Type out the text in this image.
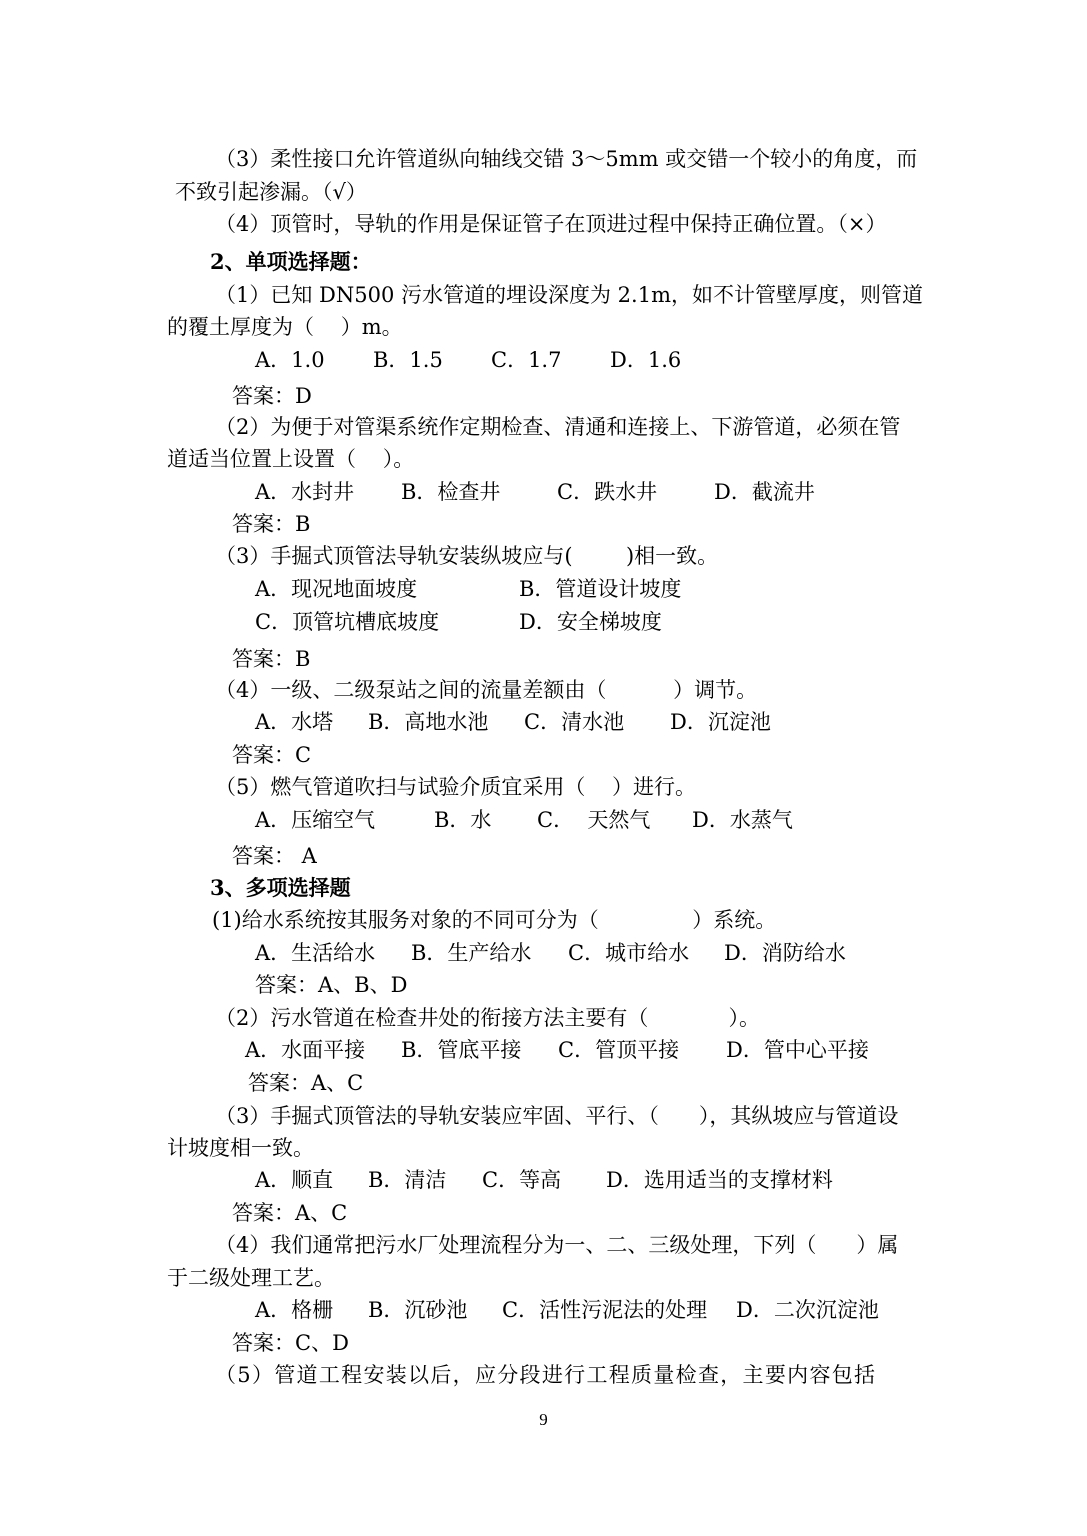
（3）柔性接口允许管道纵向轴线交错 3～5mm 或交错一个较小的角度，而
不致引起渗漏。（√）
（4）顶管时，导轨的作用是保证管子在顶进过程中保持正确位置。（×）
2、单项选择题：
（1）已知 DN500 污水管道的埋设深度为 2.1m，如不计管壁厚度，则管道
的覆土厚度为（    ）m。
A．1.0 B．1.5 C．1.7 D．1.6
答案：D
（2）为便于对管渠系统作定期检查、清通和连接上、下游管道，必须在管
道适当位置上设置（    ）。
A．水封井 B．检查井	C．跌水井	D．截流井
答案：B
（3）手掘式顶管法导轨安装纵坡应与(        )相一致。
A．现况地面坡度	B．管道设计坡度
C．顶管坑槽底坡度	D．安全梯坡度
答案：B
（4）一级、二级泵站之间的流量差额由（          ）调节。
A．水塔 B．高地水池 C．清水池 D．沉淀池
答案：C
（5）燃气管道吹扫与试验介质宜采用（    ）进行。
A．压缩空气	B．水 C．  天然气 D．水蒸气
答案： A
3、多项选择题
(1)给水系统按其服务对象的不同可分为（              ）系统。
A．生活给水 B．生产给水 C．城市给水 D．消防给水
答案：A、B、D
（2）污水管道在检查井处的衔接方法主要有（            ）。
A．水面平接 B．管底平接 C．管顶平接 D．管中心平接
答案：A、C
（3）手掘式顶管法的导轨安装应牢固、平行、（      ），其纵坡应与管道设
计坡度相一致。
A．顺直 B．清洁 C．等高 D．选用适当的支撑材料
答案：A、C
（4）我们通常把污水厂处理流程分为一、二、三级处理，下列（      ）属
于二级处理工艺。
A．格栅 B．沉砂池 C．活性污泥法的处理 D．二次沉淀池
答案：C、D
（5）管道工程安装以后，应分段进行工程质量检查，主要内容包括
9
